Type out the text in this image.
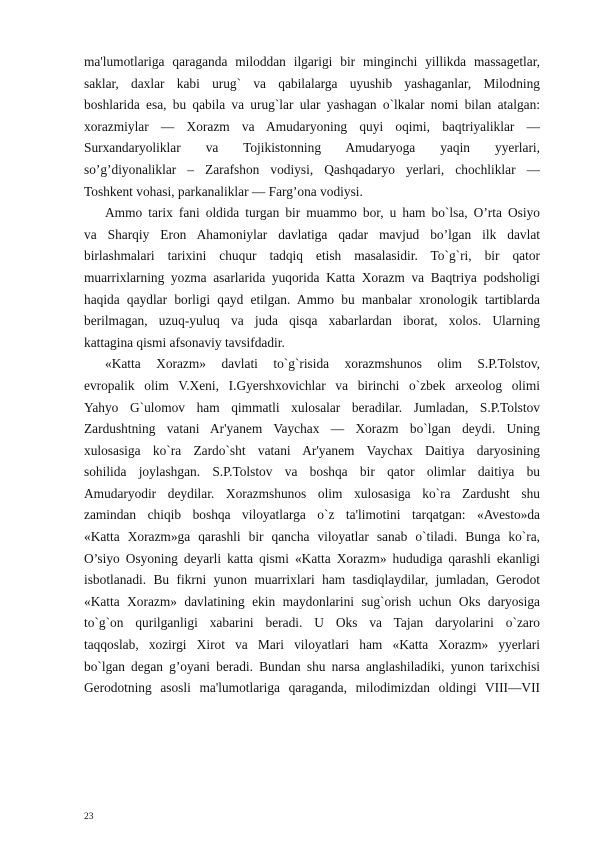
ma'lumotlariga qaraganda miloddan ilgarigi bir minginchi yillikda massagetlar,
saklar, daxlar kabi urug` va qabilalarga uyushib yashaganlar, Milodning
boshlarida esa, bu qabila va urug`lar ular yashagan o`lkalar nomi bilan atalgan:
xorazmiylar — Xorazm va Amudaryoning quyi oqimi, baqtriyaliklar —
Surxandaryoliklar va Tojikistonning Amudaryoga yaqin yyerlari,
so’g’diyonaliklar – Zarafshon vodiysi, Qashqadaryo yerlari, chochliklar —
Toshkent vohasi, parkanaliklar — Farg’ona vodiysi.
Ammo tarix fani oldida turgan bir muammo bor, u ham bo`lsa, O’rta Osiyo
va Sharqiy Eron Ahamoniylar davlatiga qadar mavjud bo’lgan ilk davlat
birlashmalari tarixini chuqur tadqiq etish masalasidir. To`g`ri, bir qator
muarrixlarning yozma asarlarida yuqorida Katta Xorazm va Baqtriya podsholigi
haqida qaydlar borligi qayd etilgan. Ammo bu manbalar xronologik tartiblarda
berilmagan, uzuq-yuluq va juda qisqa xabarlardan iborat, xolos. Ularning
kattagina qismi afsonaviy tavsifdadir.
«Katta Xorazm» davlati to`g`risida xorazmshunos olim S.P.Tolstov,
evropalik olim V.Xeni, I.Gyershxovichlar va birinchi o`zbek arxeolog olimi
Yahyo G`ulomov ham qimmatli xulosalar beradilar. Jumladan, S.P.Tolstov
Zardushtning vatani Ar'yanem Vaychax — Xorazm bo`lgan deydi. Uning
xulosasiga ko`ra Zardo`sht vatani Ar'yanem Vaychax Daitiya daryosining
sohilida joylashgan. S.P.Tolstov va boshqa bir qator olimlar daitiya bu
Amudaryodir deydilar. Xorazmshunos olim xulosasiga ko`ra Zardusht shu
zamindan chiqib boshqa viloyatlarga o`z ta'limotini tarqatgan: «Avesto»da
«Katta Xorazm»ga qarashli bir qancha viloyatlar sanab o`tiladi. Bunga ko`ra,
O’siyo Osyoning deyarli katta qismi «Katta Xorazm» hududiga qarashli ekanligi
isbotlanadi. Bu fikrni yunon muarrixlari ham tasdiqlaydilar, jumladan, Gerodot
«Katta Xorazm» davlatining ekin maydonlarini sug`orish uchun Oks daryosiga
to`g`on qurilganligi xabarini beradi. U Oks va Tajan daryolarini o`zaro
taqqoslab, xozirgi Xirot va Mari viloyatlari ham «Katta Xorazm» yyerlari
bo`lgan degan g’oyani beradi. Bundan shu narsa anglashiladiki, yunon tarixchisi
Gerodotning asosli ma'lumotlariga qaraganda, milodimizdan oldingi VIII—VII
23
